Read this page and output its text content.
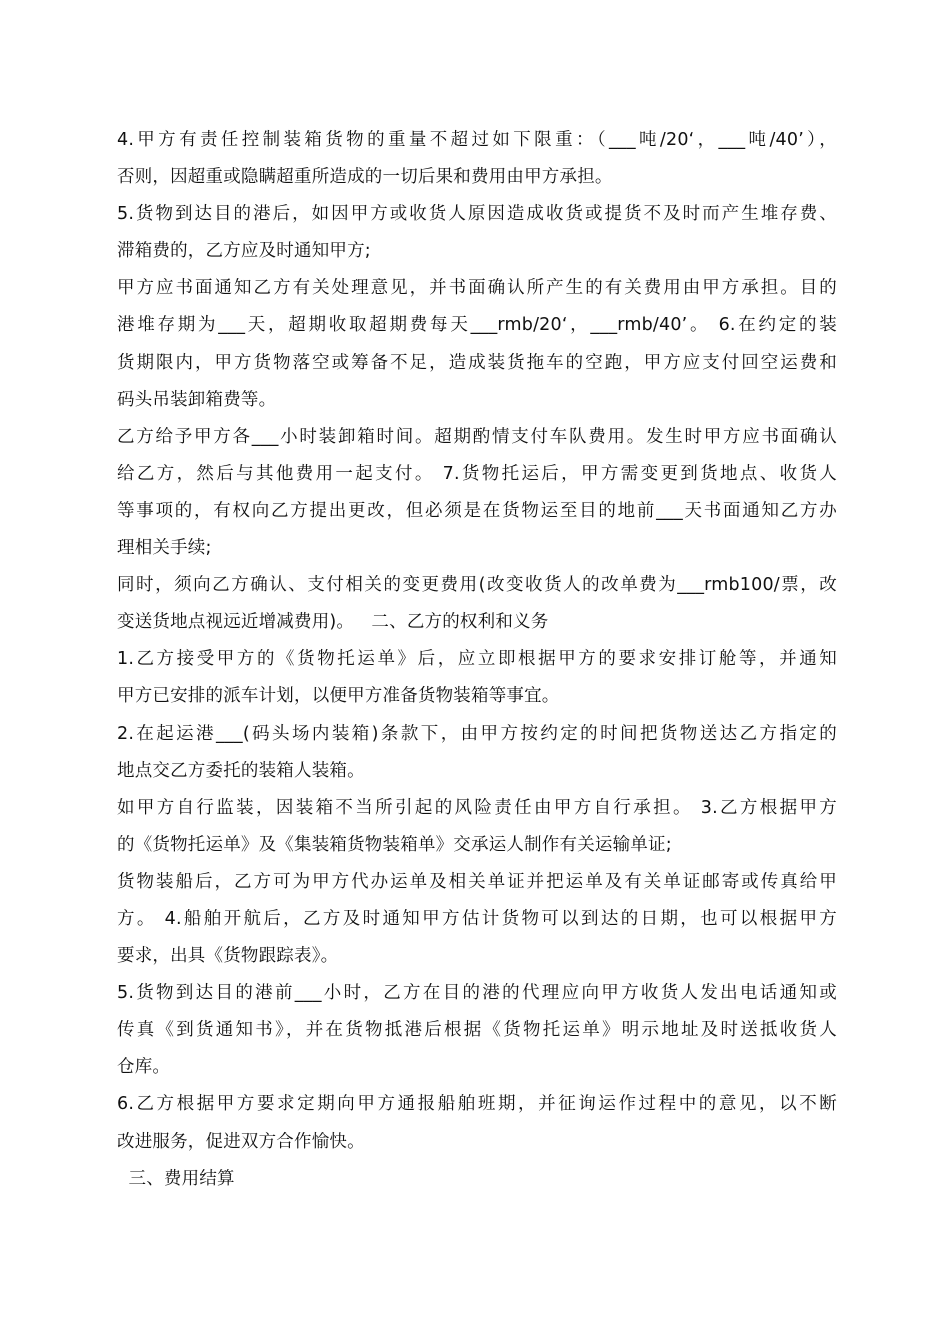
4.甲方有责任控制装箱货物的重量不超过如下限重：（___吨/20‘，___吨/40’），
否则，因超重或隐瞒超重所造成的一切后果和费用由甲方承担。
5.货物到达目的港后，如因甲方或收货人原因造成收货或提货不及时而产生堆存费、
滞箱费的，乙方应及时通知甲方;
甲方应书面通知乙方有关处理意见，并书面确认所产生的有关费用由甲方承担。目的
港堆存期为___天，超期收取超期费每天___rmb/20‘，___rmb/40’。 6.在约定的装
货期限内，甲方货物落空或筹备不足，造成装货拖车的空跑，甲方应支付回空运费和
码头吊装卸箱费等。
乙方给予甲方各___小时装卸箱时间。超期酌情支付车队费用。发生时甲方应书面确认
给乙方，然后与其他费用一起支付。 7.货物托运后，甲方需变更到货地点、收货人
等事项的，有权向乙方提出更改，但必须是在货物运至目的地前___天书面通知乙方办
理相关手续;
同时，须向乙方确认、支付相关的变更费用(改变收货人的改单费为___rmb100/票，改
变送货地点视远近增减费用)。   二、乙方的权利和义务
1.乙方接受甲方的《货物托运单》后，应立即根据甲方的要求安排订舱等，并通知
甲方已安排的派车计划，以便甲方准备货物装箱等事宜。
2.在起运港___(码头场内装箱)条款下，由甲方按约定的时间把货物送达乙方指定的
地点交乙方委托的装箱人装箱。
如甲方自行监装，因装箱不当所引起的风险责任由甲方自行承担。 3.乙方根据甲方
的《货物托运单》及《集装箱货物装箱单》交承运人制作有关运输单证;
货物装船后，乙方可为甲方代办运单及相关单证并把运单及有关单证邮寄或传真给甲
方。 4.船舶开航后，乙方及时通知甲方估计货物可以到达的日期，也可以根据甲方
要求，出具《货物跟踪表》。
5.货物到达目的港前___小时，乙方在目的港的代理应向甲方收货人发出电话通知或
传真《到货通知书》，并在货物抵港后根据《货物托运单》明示地址及时送抵收货人
仓库。
6.乙方根据甲方要求定期向甲方通报船舶班期，并征询运作过程中的意见，以不断
改进服务，促进双方合作愉快。
三、费用结算
